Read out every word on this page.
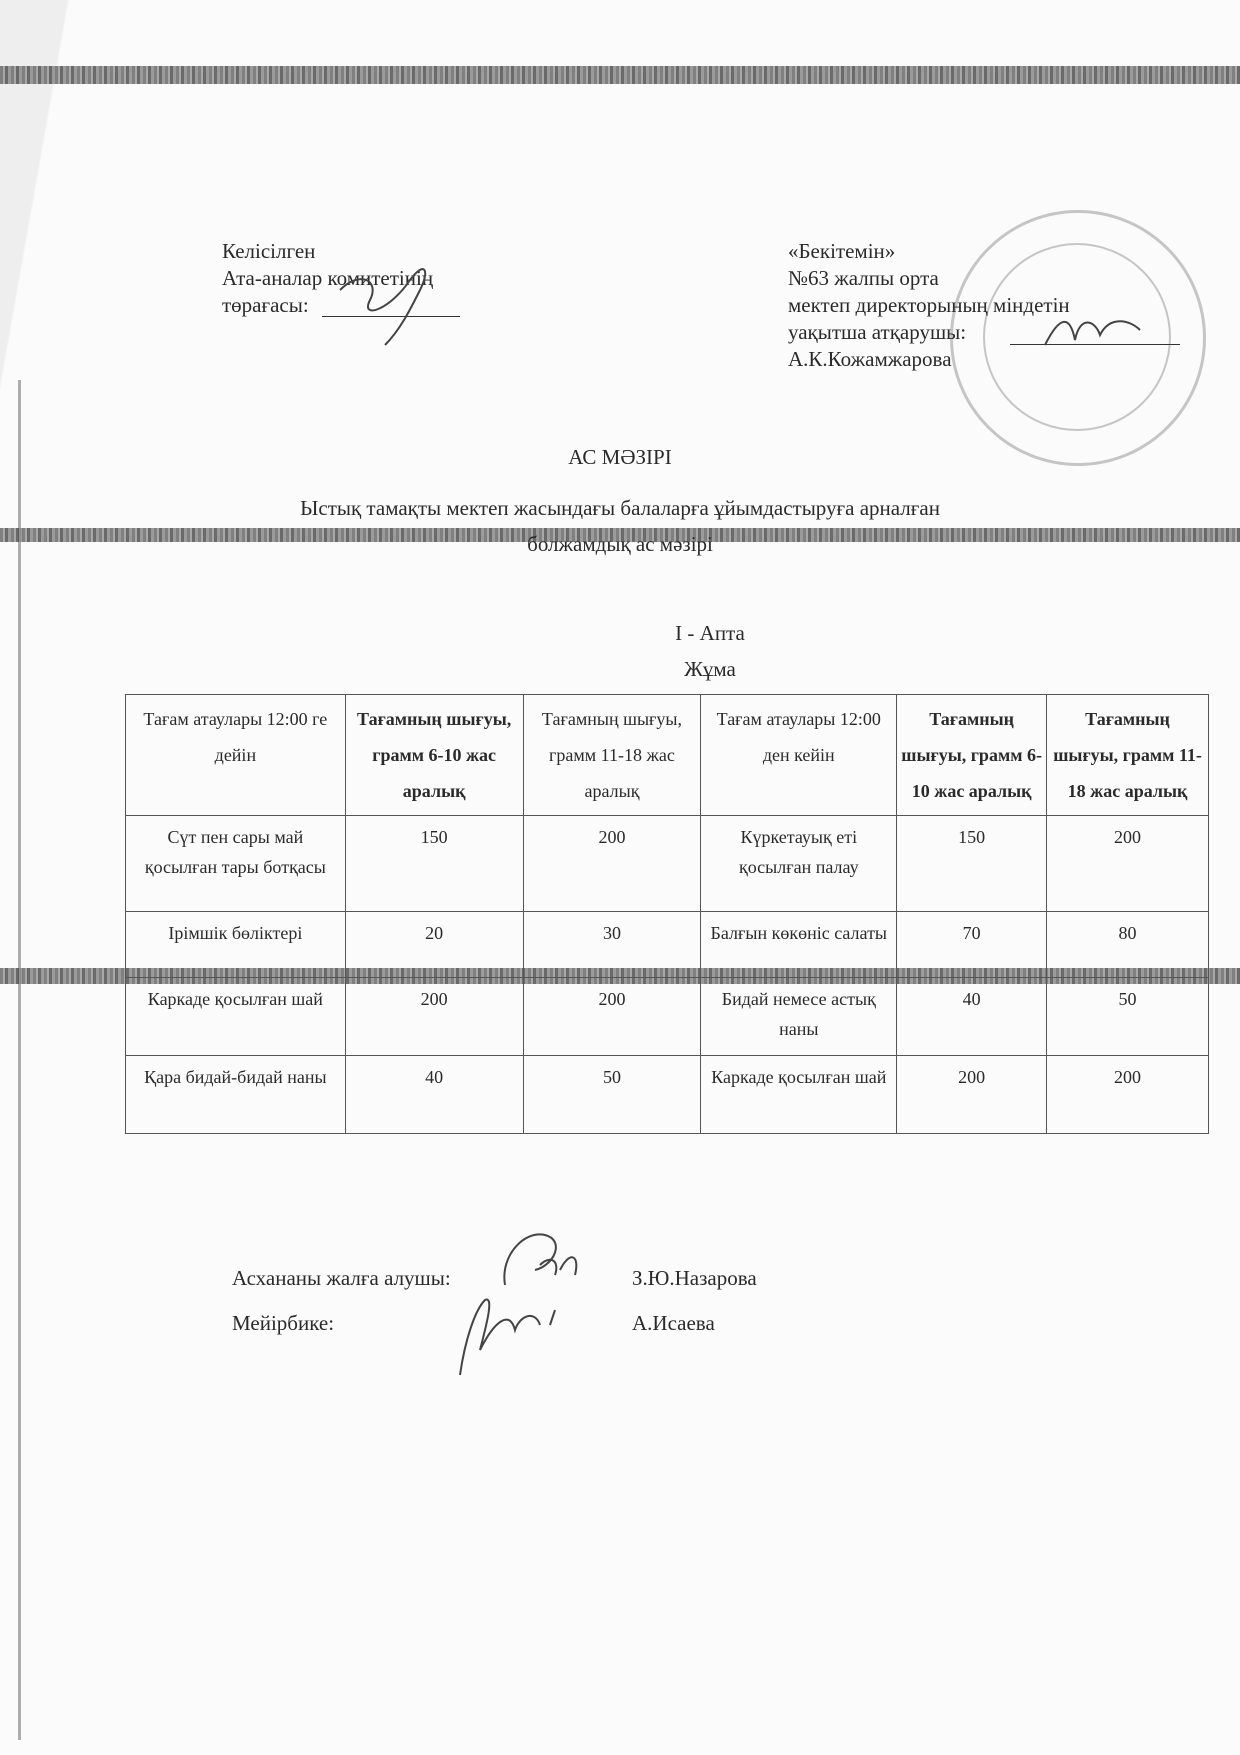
Келісілген
Ата-аналар комитетінің
төрағасы:
«Бекітемін»
№63 жалпы орта
мектеп директорының міндетін
уақытша атқарушы:
А.К.Кожамжарова
АС МӘЗІРІ
Ыстық тамақты мектеп жасындағы балаларға ұйымдастыруға арналған
болжамдық ас мәзірі
I - Апта
Жұма
Тағам атаулары 12:00 ге дейін	Тағамның шығуы, грамм 6-10 жас аралық	Тағамның шығуы, грамм 11-18 жас аралық	Тағам атаулары 12:00 ден кейін	Тағамның шығуы, грамм 6-10 жас аралық	Тағамның шығуы, грамм 11-18 жас аралық
Сүт пен сары май қосылған тары ботқасы	150	200	Күркетауық еті қосылған палау	150	200
Ірімшік бөліктері	20	30	Балғын көкөніс салаты	70	80
Каркаде қосылған шай	200	200	Бидай немесе астық наны	40	50
Қара бидай-бидай наны	40	50	Каркаде қосылған шай	200	200
Асхананы жалға алушы:	З.Ю.Назарова
Мейірбике:	А.Исаева
